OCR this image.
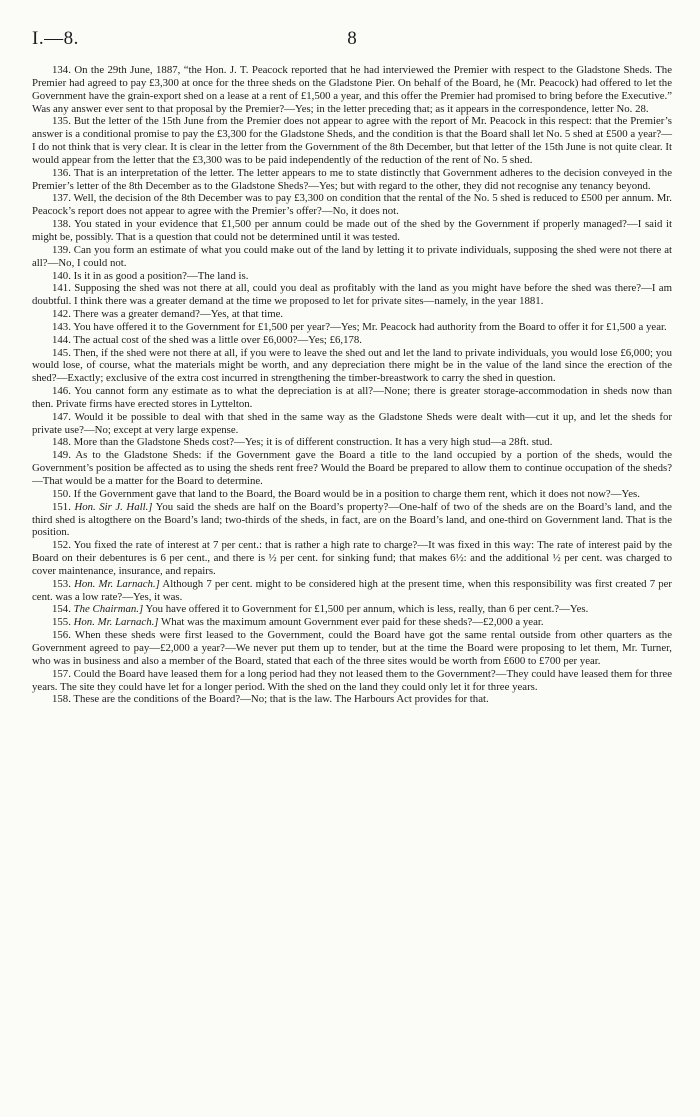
I.—8.	8

134. On the 29th June, 1887, “the Hon. J. T. Peacock reported that he had interviewed the Premier with respect to the Gladstone Sheds. The Premier had agreed to pay £3,300 at once for the three sheds on the Gladstone Pier. On behalf of the Board, he (Mr. Peacock) had offered to let the Government have the grain-export shed on a lease at a rent of £1,500 a year, and this offer the Premier had promised to bring before the Executive.” Was any answer ever sent to that proposal by the Premier?—Yes; in the letter preceding that; as it appears in the correspondence, letter No. 28.

135. But the letter of the 15th June from the Premier does not appear to agree with the report of Mr. Peacock in this respect: that the Premier’s answer is a conditional promise to pay the £3,300 for the Gladstone Sheds, and the condition is that the Board shall let No. 5 shed at £500 a year?—I do not think that is very clear. It is clear in the letter from the Government of the 8th December, but that letter of the 15th June is not quite clear. It would appear from the letter that the £3,300 was to be paid independently of the reduction of the rent of No. 5 shed.

136. That is an interpretation of the letter. The letter appears to me to state distinctly that Government adheres to the decision conveyed in the Premier’s letter of the 8th December as to the Gladstone Sheds?—Yes; but with regard to the other, they did not recognise any tenancy beyond.

137. Well, the decision of the 8th December was to pay £3,300 on condition that the rental of the No. 5 shed is reduced to £500 per annum. Mr. Peacock’s report does not appear to agree with the Premier’s offer?—No, it does not.

138. You stated in your evidence that £1,500 per annum could be made out of the shed by the Government if properly managed?—I said it might be, possibly. That is a question that could not be determined until it was tested.

139. Can you form an estimate of what you could make out of the land by letting it to private individuals, supposing the shed were not there at all?—No, I could not.

140. Is it in as good a position?—The land is.

141. Supposing the shed was not there at all, could you deal as profitably with the land as you might have before the shed was there?—I am doubtful. I think there was a greater demand at the time we proposed to let for private sites—namely, in the year 1881.

142. There was a greater demand?—Yes, at that time.

143. You have offered it to the Government for £1,500 per year?—Yes; Mr. Peacock had authority from the Board to offer it for £1,500 a year.

144. The actual cost of the shed was a little over £6,000?—Yes; £6,178.

145. Then, if the shed were not there at all, if you were to leave the shed out and let the land to private individuals, you would lose £6,000; you would lose, of course, what the materials might be worth, and any depreciation there might be in the value of the land since the erection of the shed?—Exactly; exclusive of the extra cost incurred in strengthening the timber-breastwork to carry the shed in question.

146. You cannot form any estimate as to what the depreciation is at all?—None; there is greater storage-accommodation in sheds now than then. Private firms have erected stores in Lyttelton.

147. Would it be possible to deal with that shed in the same way as the Gladstone Sheds were dealt with—cut it up, and let the sheds for private use?—No; except at very large expense.

148. More than the Gladstone Sheds cost?—Yes; it is of different construction. It has a very high stud—a 28ft. stud.

149. As to the Gladstone Sheds: if the Government gave the Board a title to the land occupied by a portion of the sheds, would the Government’s position be affected as to using the sheds rent free? Would the Board be prepared to allow them to continue occupation of the sheds?—That would be a matter for the Board to determine.

150. If the Government gave that land to the Board, the Board would be in a position to charge them rent, which it does not now?—Yes.

151. Hon. Sir J. Hall.] You said the sheds are half on the Board’s property?—One-half of two of the sheds are on the Board’s land, and the third shed is altogthere on the Board’s land; two-thirds of the sheds, in fact, are on the Board’s land, and one-third on Government land. That is the position.

152. You fixed the rate of interest at 7 per cent.: that is rather a high rate to charge?—It was fixed in this way: The rate of interest paid by the Board on their debentures is 6 per cent., and there is ½ per cent. for sinking fund; that makes 6½: and the additional ½ per cent. was charged to cover maintenance, insurance, and repairs.

153. Hon. Mr. Larnach.] Although 7 per cent. might to be considered high at the present time, when this responsibility was first created 7 per cent. was a low rate?—Yes, it was.

154. The Chairman.] You have offered it to Government for £1,500 per annum, which is less, really, than 6 per cent.?—Yes.

155. Hon. Mr. Larnach.] What was the maximum amount Government ever paid for these sheds?—£2,000 a year.

156. When these sheds were first leased to the Government, could the Board have got the same rental outside from other quarters as the Government agreed to pay—£2,000 a year?—We never put them up to tender, but at the time the Board were proposing to let them, Mr. Turner, who was in business and also a member of the Board, stated that each of the three sites would be worth from £600 to £700 per year.

157. Could the Board have leased them for a long period had they not leased them to the Government?—They could have leased them for three years. The site they could have let for a longer period. With the shed on the land they could only let it for three years.

158. These are the conditions of the Board?—No; that is the law. The Harbours Act provides for that.
